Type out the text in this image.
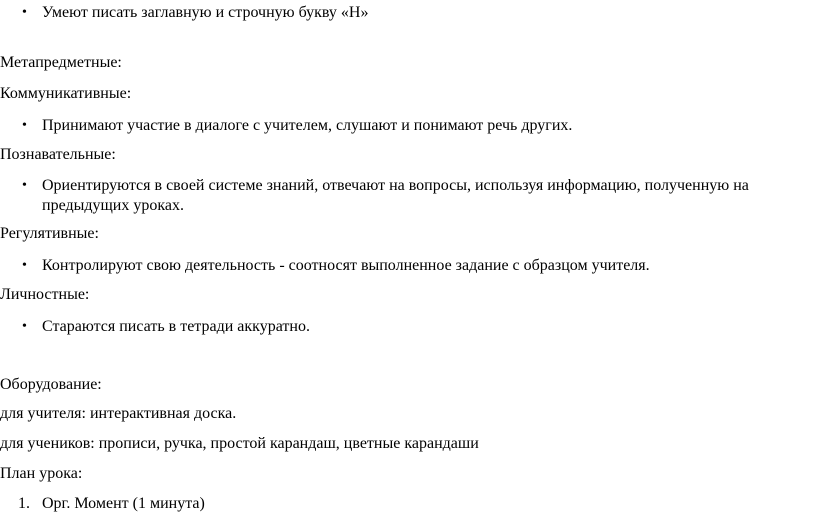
• Умеют писать заглавную и строчную букву «Н»
Метапредметные:
Коммуникативные:
• Принимают участие в диалоге с учителем, слушают и понимают речь других.
Познавательные:
• Ориентируются в своей системе знаний, отвечают на вопросы, используя информацию, полученную на
предыдущих уроках.
Регулятивные:
• Контролируют свою деятельность - соотносят выполненное задание с образцом учителя.
Личностные:
• Стараются писать в тетради аккуратно.
Оборудование:
для учителя: интерактивная доска.
для учеников: прописи, ручка, простой карандаш, цветные карандаши
План урока:
1. Орг. Момент (1 минута)
